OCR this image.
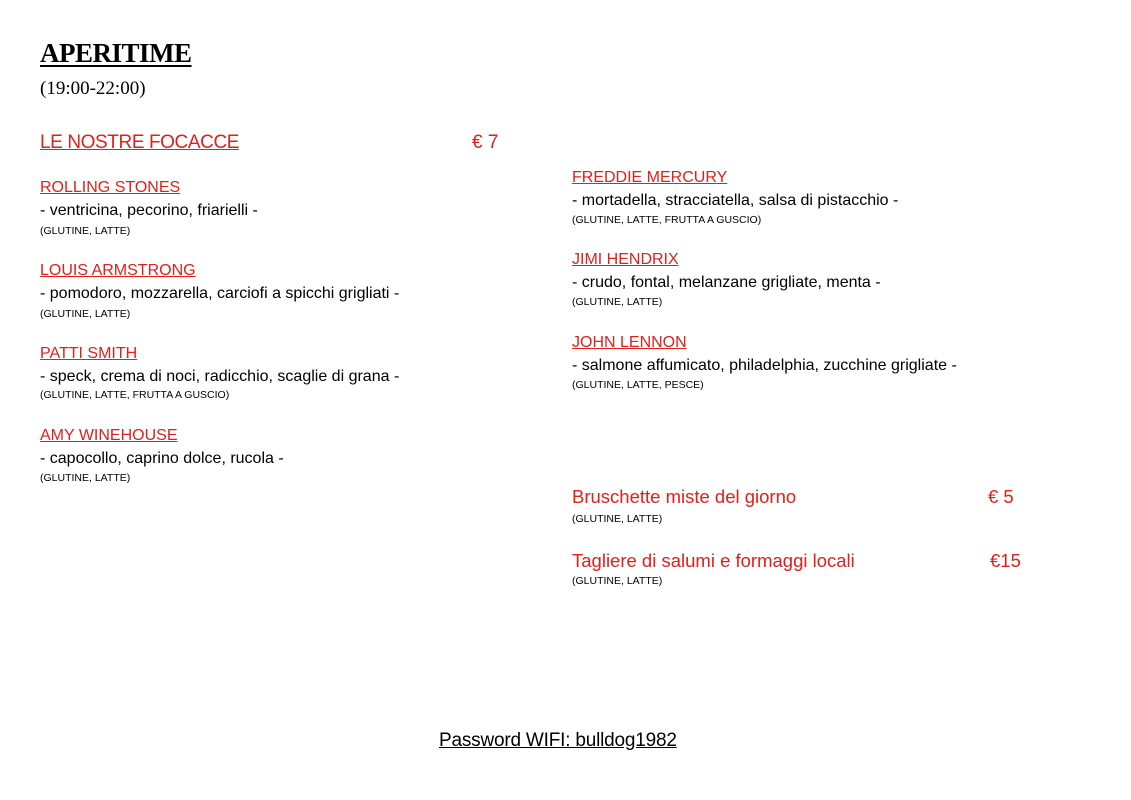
APERITIME
(19:00-22:00)
LE NOSTRE FOCACCE	€ 7
ROLLING STONES
- ventricina, pecorino, friarielli -
(GLUTINE, LATTE)
LOUIS ARMSTRONG
- pomodoro, mozzarella, carciofi a spicchi grigliati -
(GLUTINE, LATTE)
PATTI SMITH
- speck, crema di noci, radicchio, scaglie di grana -
(GLUTINE, LATTE, FRUTTA A GUSCIO)
AMY WINEHOUSE
- capocollo, caprino dolce, rucola -
(GLUTINE, LATTE)
FREDDIE MERCURY
- mortadella, stracciatella, salsa di pistacchio -
(GLUTINE, LATTE, FRUTTA A GUSCIO)
JIMI HENDRIX
- crudo, fontal, melanzane grigliate, menta -
(GLUTINE, LATTE)
JOHN LENNON
- salmone affumicato, philadelphia, zucchine grigliate -
(GLUTINE, LATTE, PESCE)
Bruschette miste del giorno	€ 5
(GLUTINE, LATTE)
Tagliere di salumi e formaggi locali	€15
(GLUTINE, LATTE)
Password WIFI: bulldog1982
